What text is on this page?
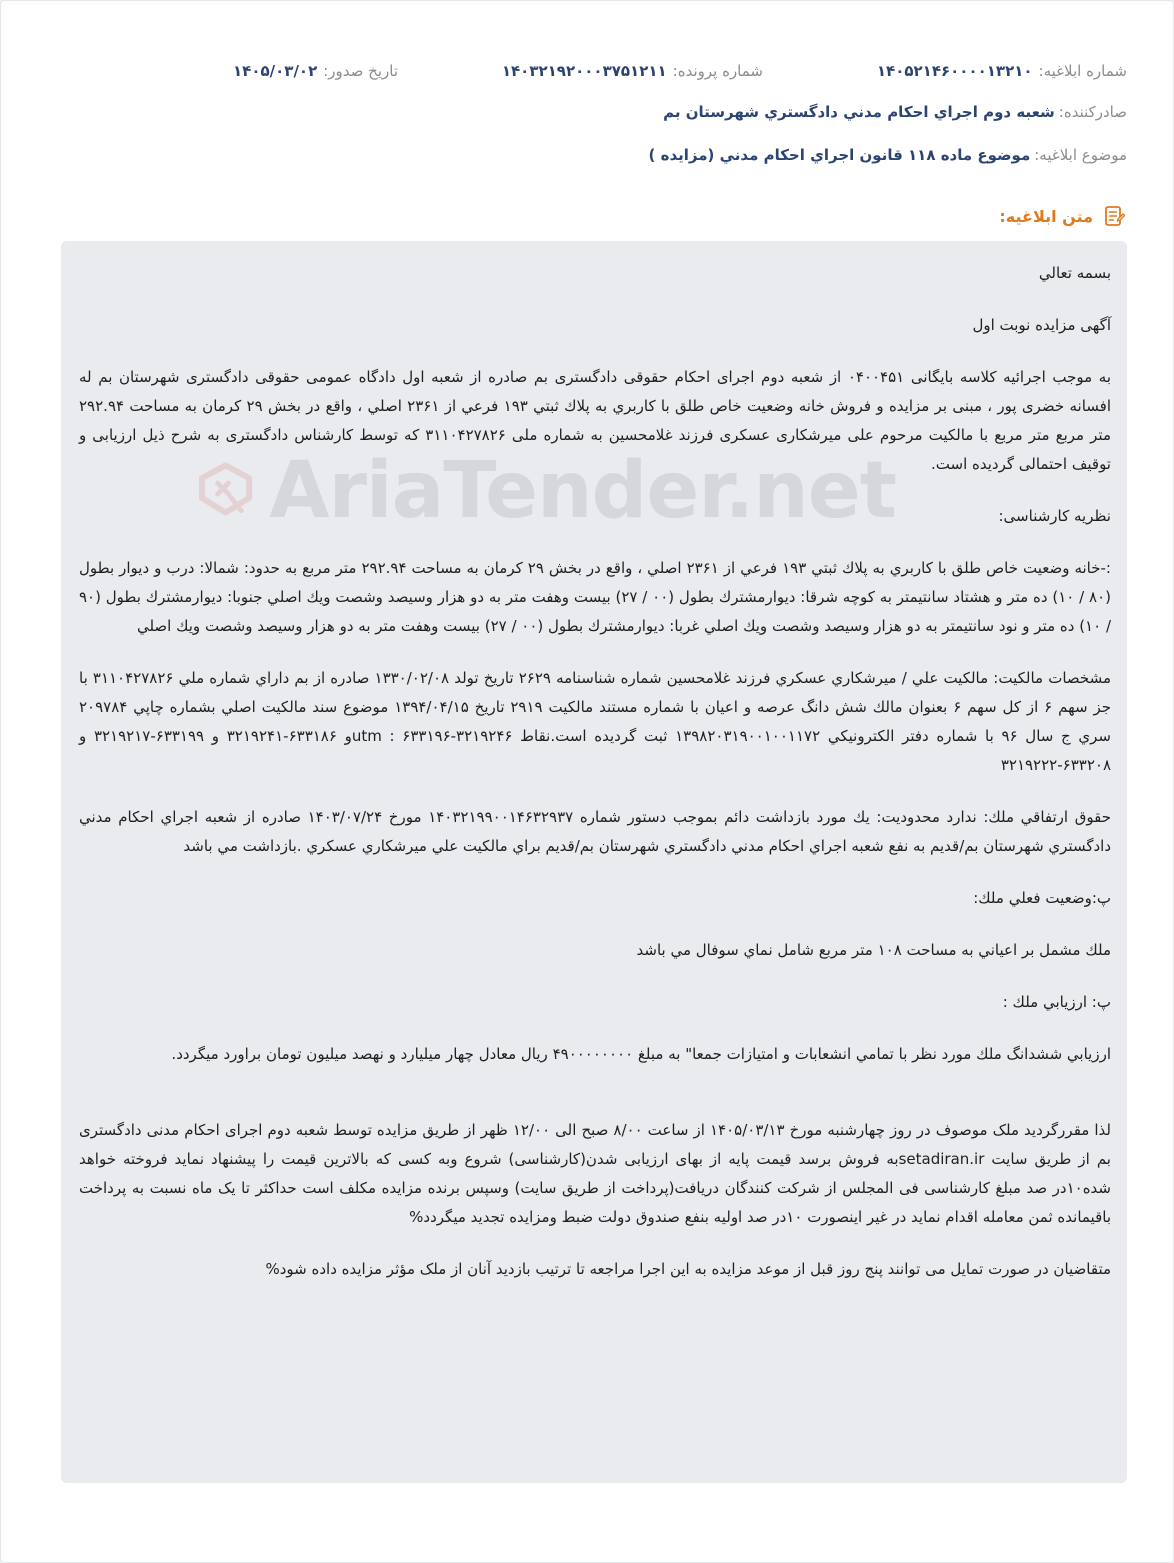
شماره ابلاغیه:
۱۴۰۵۲۱۴۶۰۰۰۰۱۳۲۱۰
شماره پرونده:
۱۴۰۳۲۱۹۲۰۰۰۳۷۵۱۲۱۱
تاریخ صدور:
۱۴۰۵/۰۳/۰۲
صادرکننده:
شعبه دوم اجراي احكام مدني دادگستري شهرستان بم
موضوع ابلاغیه:
موضوع ماده ۱۱۸ قانون اجراي احكام مدني (مزايده )
متن ابلاغیه:
AriaTender.net

بسمه تعالي

آگهی مزایده نوبت اول

به موجب اجرائیه کلاسه بایگانی ۰۴۰۰۴۵۱ از شعبه دوم اجرای احکام حقوقی دادگستری بم صادره از شعبه اول دادگاه عمومی حقوقی دادگستری شهرستان بم له افسانه خضری پور ، مبنی بر مزایده و فروش خانه وضعیت خاص طلق با کاربري به پلاك ثبتي ۱۹۳ فرعي از ۲۳۶۱ اصلي ، واقع در بخش ۲۹ كرمان به مساحت ۲۹۲.۹۴ متر مربع متر مربع با مالکیت مرحوم علی میرشکاری عسکری فرزند غلامحسین به شماره ملی ۳۱۱۰۴۲۷۸۲۶ که توسط کارشناس دادگستری به شرح ذیل ارزیابی و توقیف احتمالی گردیده است.

نظریه کارشناسی:

:-خانه وضعیت خاص طلق با كاربري به پلاك ثبتي ۱۹۳ فرعي از ۲۳۶۱ اصلي ، واقع در بخش ۲۹ كرمان به مساحت ۲۹۲.۹۴ متر مربع به حدود: شمالا: درب و ديوار بطول (۸۰ / ۱۰) ده متر و هشتاد سانتيمتر به كوچه شرقا: ديوارمشترك بطول (۰۰ / ۲۷) بيست وهفت متر به دو هزار وسيصد وشصت ويك اصلي جنوبا: ديوارمشترك بطول (۹۰ / ۱۰) ده متر و نود سانتيمتر به دو هزار وسيصد وشصت ويك اصلي غربا: ديوارمشترك بطول (۰۰ / ۲۷) بيست وهفت متر به دو هزار وسيصد وشصت ويك اصلي

مشخصات مالكيت: مالكيت علي / ميرشكاري عسكري فرزند غلامحسين شماره شناسنامه ۲۶۲۹ تاريخ تولد ۱۳۳۰/۰۲/۰۸ صادره از بم داراي شماره ملي ۳۱۱۰۴۲۷۸۲۶ با جز سهم ۶ از كل سهم ۶ بعنوان مالك شش دانگ عرصه و اعيان با شماره مستند مالكيت ۲۹۱۹ تاريخ ۱۳۹۴/۰۴/۱۵ موضوع سند مالكيت اصلي بشماره چاپي ۲۰۹۷۸۴ سري ج سال ۹۶ با شماره دفتر الكترونيكي ۱۳۹۸۲۰۳۱۹۰۰۱۰۰۱۱۷۲ ثبت گرديده است.نقاط utm : ۶۳۳۱۹۶-۳۲۱۹۲۴۶و ۶۳۳۱۸۶-۳۲۱۹۲۴۱ و ۶۳۳۱۹۹-۳۲۱۹۲۱۷ و ۶۳۳۲۰۸-۳۲۱۹۲۲۲

حقوق ارتفاقي ملك: ندارد محدوديت: يك مورد بازداشت دائم بموجب دستور شماره ۱۴۰۳۲۱۹۹۰۰۱۴۶۳۲۹۳۷ مورخ ۱۴۰۳/۰۷/۲۴ صادره از شعبه اجراي احكام مدني دادگستري شهرستان بم/قديم به نفع شعبه اجراي احكام مدني دادگستري شهرستان بم/قديم براي مالكيت علي ميرشكاري عسكري .بازداشت مي باشد

پ:وضعيت فعلي ملك:

ملك مشمل بر اعياني به مساحت ۱۰۸ متر مربع شامل نماي سوفال مي باشد

پ: ارزيابي ملك :

ارزيابي ششدانگ ملك مورد نظر با تمامي انشعابات و امتيازات جمعا" به مبلغ ۴۹۰۰۰۰۰۰۰۰ ريال معادل چهار ميليارد و نهصد ميليون تومان براورد ميگردد.

لذا مقررگردید ملک موصوف در روز چهارشنبه مورخ ۱۴۰۵/۰۳/۱۳ از ساعت ۸/۰۰ صبح الی ۱۲/۰۰ ظهر از طریق مزایده توسط شعبه دوم اجرای احکام مدنی دادگستری بم از طریق سایت setadiran.irبه فروش برسد قیمت پایه از بهای ارزیابی شدن(کارشناسی) شروع وبه کسی که بالاترین قیمت را پیشنهاد نماید فروخته خواهد شده۱۰در صد مبلغ کارشناسی فی المجلس از شرکت کنندگان دریافت(پرداخت از طریق سایت) وسپس برنده مزایده مکلف است حداکثر تا یک ماه نسبت به پرداخت باقیمانده ثمن معامله اقدام نماید در غیر اینصورت ۱۰در صد اولیه بنفع صندوق دولت ضبط ومزایده تجدید میگردد%

متقاضیان در صورت تمایل می توانند پنج روز قبل از موعد مزایده به این اجرا مراجعه تا ترتیب بازدید آنان از ملک مؤثر مزایده داده شود%
